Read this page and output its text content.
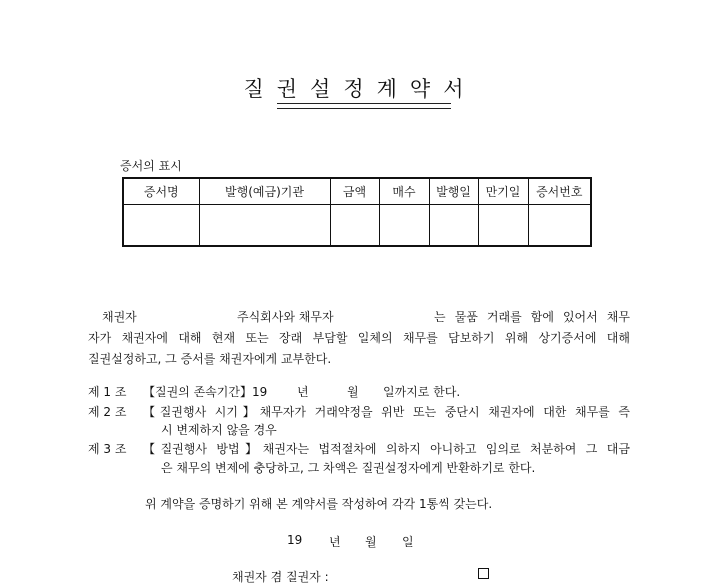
질권설정계약서
증서의 표시
증서명	발행(예금)기관	금액	매수	발행일	만기일	증서번호

채권자	주식회사와 채무자	는 물품 거래를 함에 있어서 채무
자가 채권자에 대해 현재 또는 장래 부담할 일체의 채무를 담보하기 위해 상기증서에 대해
질권설정하고, 그 증서를 채권자에게 교부한다.
제 1 조 【질권의 존속기간】19 년	월 일까지로 한다.
제 2 조 【질권행사 시기】채무자가 거래약정을 위반 또는 중단시 채권자에 대한 채무를 즉
시 변제하지 않을 경우
제 3 조 【질권행사 방법】채권자는 법적절차에 의하지 아니하고 임의로 처분하여 그 대금
은 채무의 변제에 충당하고, 그 차액은 질권설정자에게 반환하기로 한다.
위 계약을 증명하기 위해 본 계약서를 작성하여 각각 1통씩 갖는다.
19 년 월 일
채권자 겸 질권자 :
